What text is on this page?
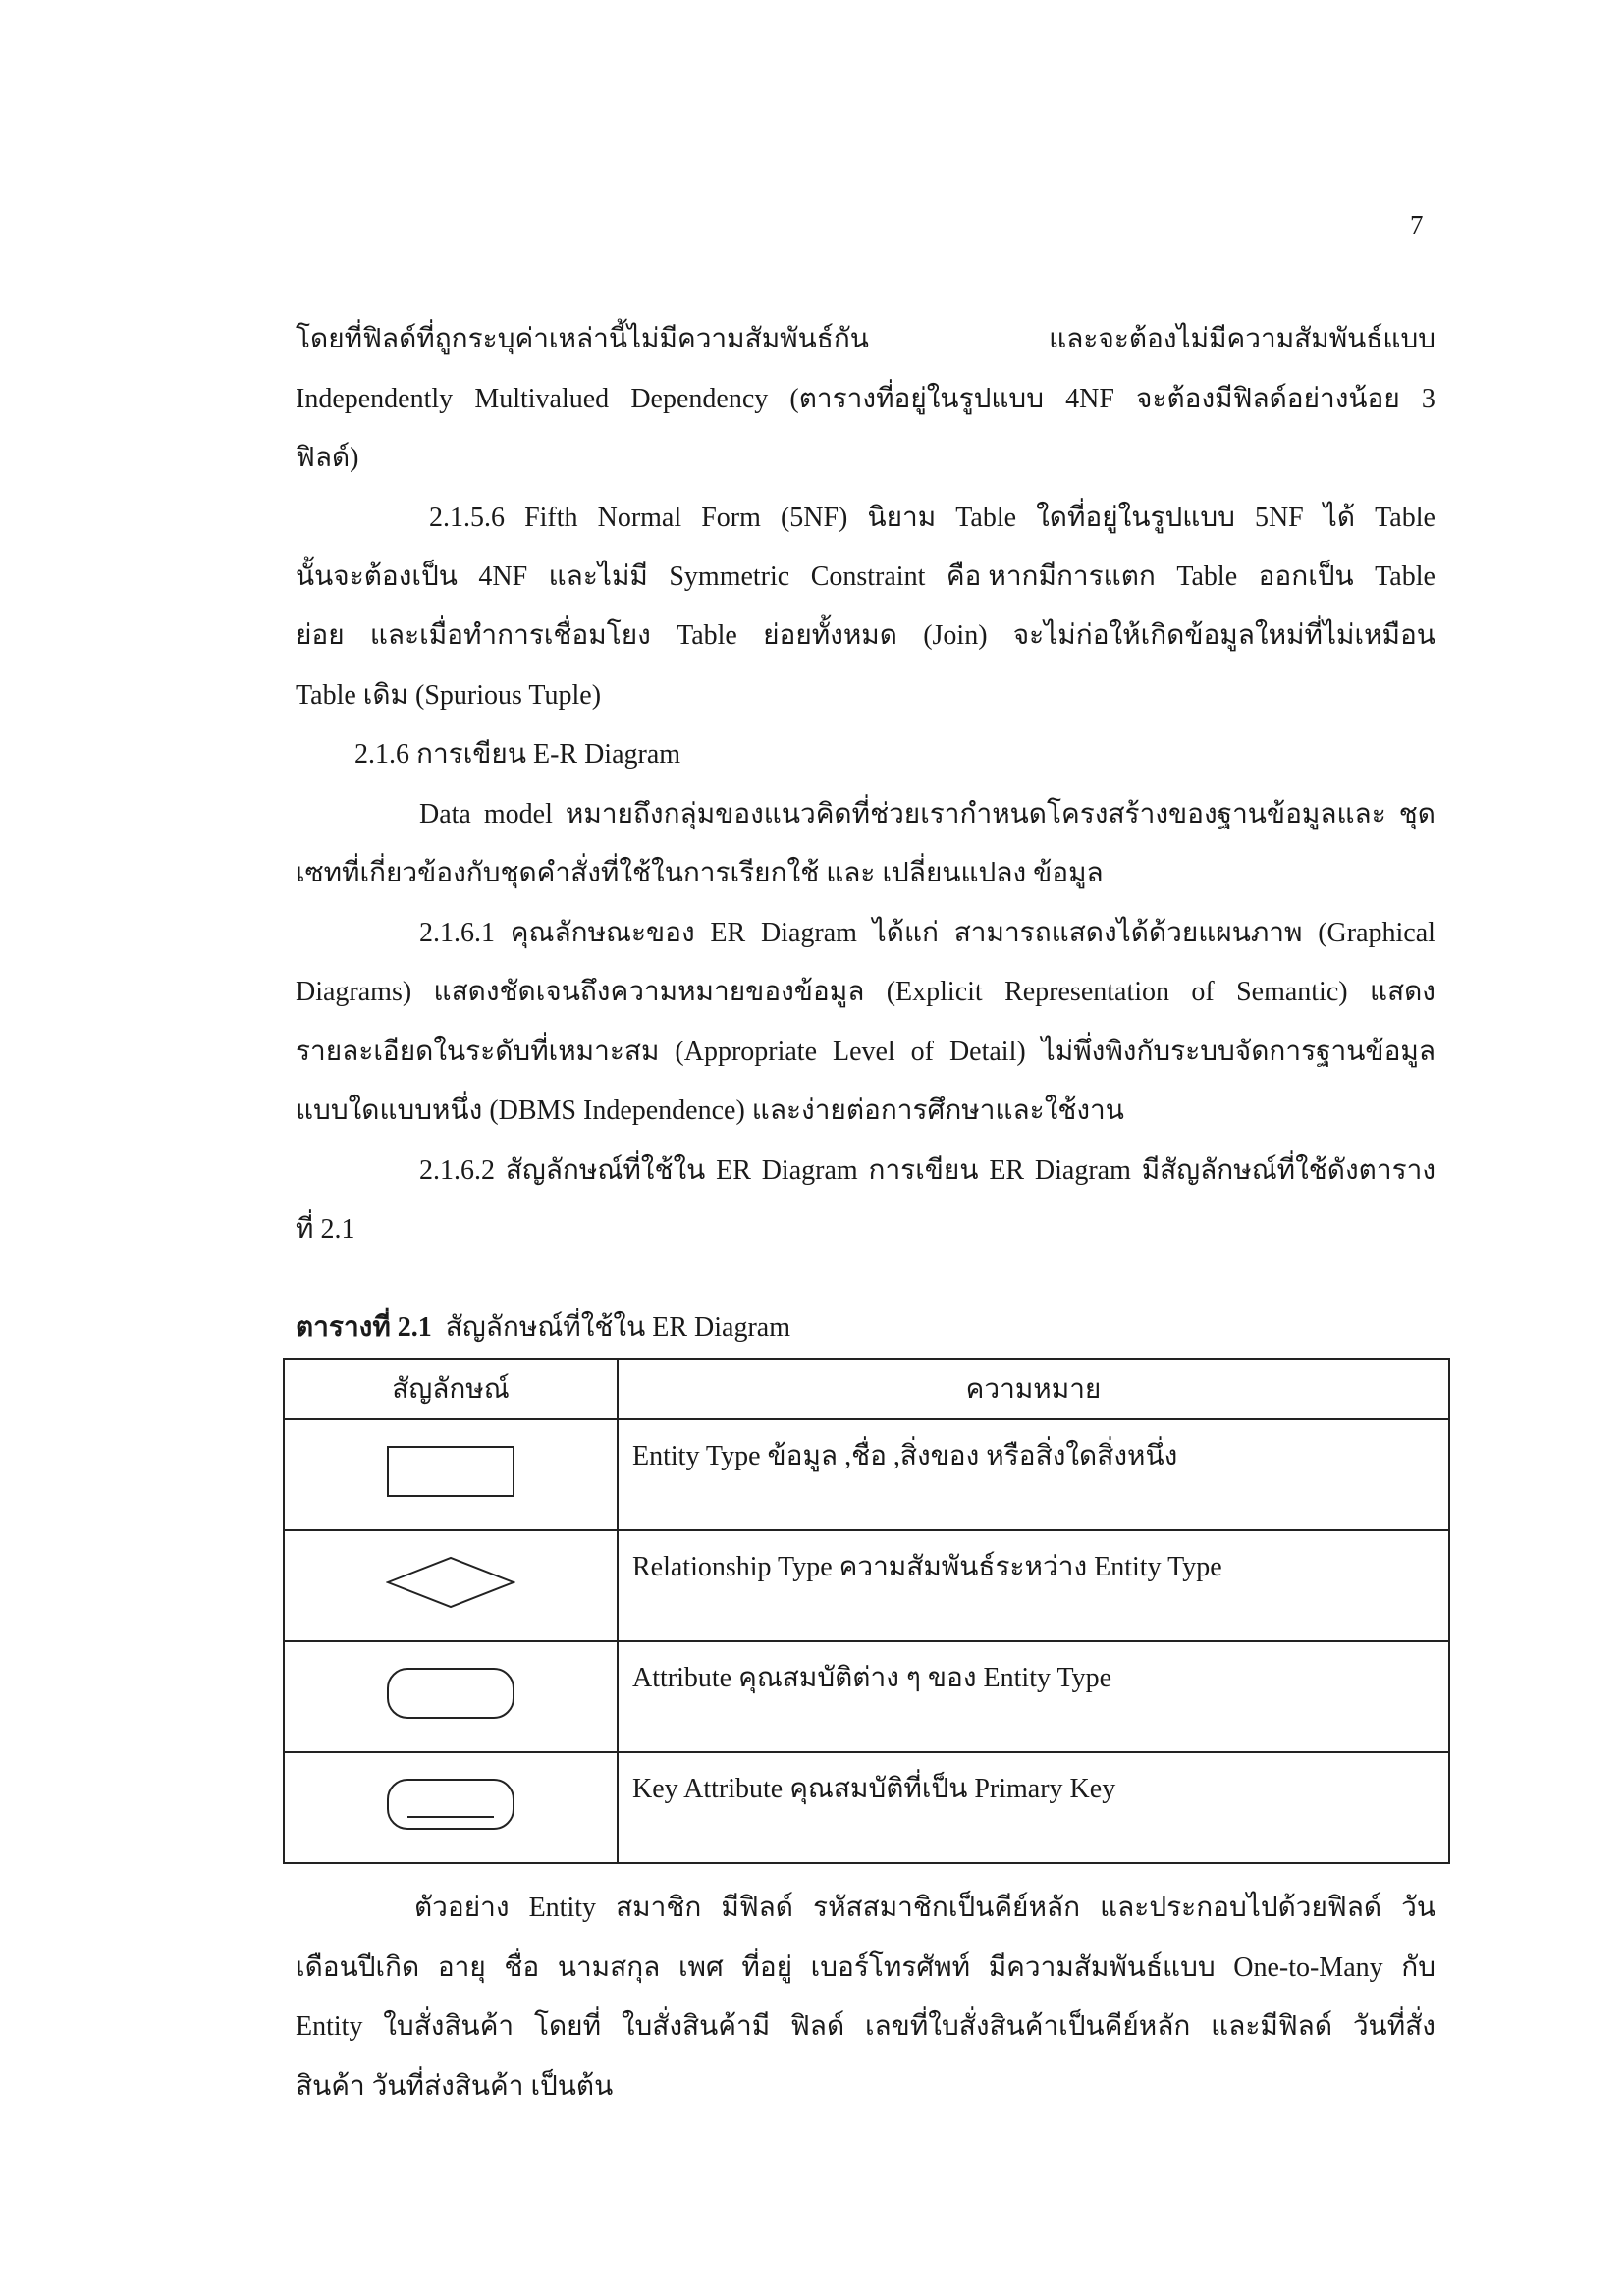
7
โดยที่ฟิลด์ที่ถูกระบุค่าเหล่านี้ไม่มีความสัมพันธ์กัน	และจะต้องไม่มีความสัมพันธ์แบบ
Independently Multivalued Dependency (ตารางที่อยู่ในรูปแบบ 4NF จะต้องมีฟิลด์อย่างน้อย 3
ฟิลด์)
2.1.5.6 Fifth Normal Form (5NF) นิยาม Table ใดที่อยู่ในรูปแบบ 5NF ได้ Table
นั้นจะต้องเป็น 4NF และไม่มี Symmetric Constraint คือ หากมีการแตก Table ออกเป็น Table
ย่อย และเมื่อทำการเชื่อมโยง Table ย่อยทั้งหมด (Join) จะไม่ก่อให้เกิดข้อมูลใหม่ที่ไม่เหมือน
Table เดิม (Spurious Tuple)
2.1.6 การเขียน E-R Diagram
Data model หมายถึงกลุ่มของแนวคิดที่ช่วยเรากำหนดโครงสร้างของฐานข้อมูลและ ชุด
เซทที่เกี่ยวข้องกับชุดคำสั่งที่ใช้ในการเรียกใช้ และ เปลี่ยนแปลง ข้อมูล
2.1.6.1 คุณลักษณะของ ER Diagram ได้แก่ สามารถแสดงได้ด้วยแผนภาพ (Graphical
Diagrams) แสดงชัดเจนถึงความหมายของข้อมูล (Explicit Representation of Semantic) แสดง
รายละเอียดในระดับที่เหมาะสม (Appropriate Level of Detail) ไม่พึ่งพิงกับระบบจัดการฐานข้อมูล
แบบใดแบบหนึ่ง (DBMS Independence) และง่ายต่อการศึกษาและใช้งาน
2.1.6.2 สัญลักษณ์ที่ใช้ใน ER Diagram การเขียน ER Diagram มีสัญลักษณ์ที่ใช้ดังตาราง
ที่ 2.1
ตารางที่ 2.1 สัญลักษณ์ที่ใช้ใน ER Diagram
สัญลักษณ์	ความหมาย
	Entity Type ข้อมูล ,ชื่อ ,สิ่งของ หรือสิ่งใดสิ่งหนึ่ง
	Relationship Type ความสัมพันธ์ระหว่าง Entity Type
	Attribute คุณสมบัติต่าง ๆ ของ Entity Type
	Key Attribute คุณสมบัติที่เป็น Primary Key
ตัวอย่าง Entity สมาชิก มีฟิลด์ รหัสสมาชิกเป็นคีย์หลัก และประกอบไปด้วยฟิลด์ วัน
เดือนปีเกิด อายุ ชื่อ นามสกุล เพศ ที่อยู่ เบอร์โทรศัพท์ มีความสัมพันธ์แบบ One-to-Many กับ
Entity ใบสั่งสินค้า โดยที่ ใบสั่งสินค้ามี ฟิลด์ เลขที่ใบสั่งสินค้าเป็นคีย์หลัก และมีฟิลด์ วันที่สั่ง
สินค้า วันที่ส่งสินค้า เป็นต้น
